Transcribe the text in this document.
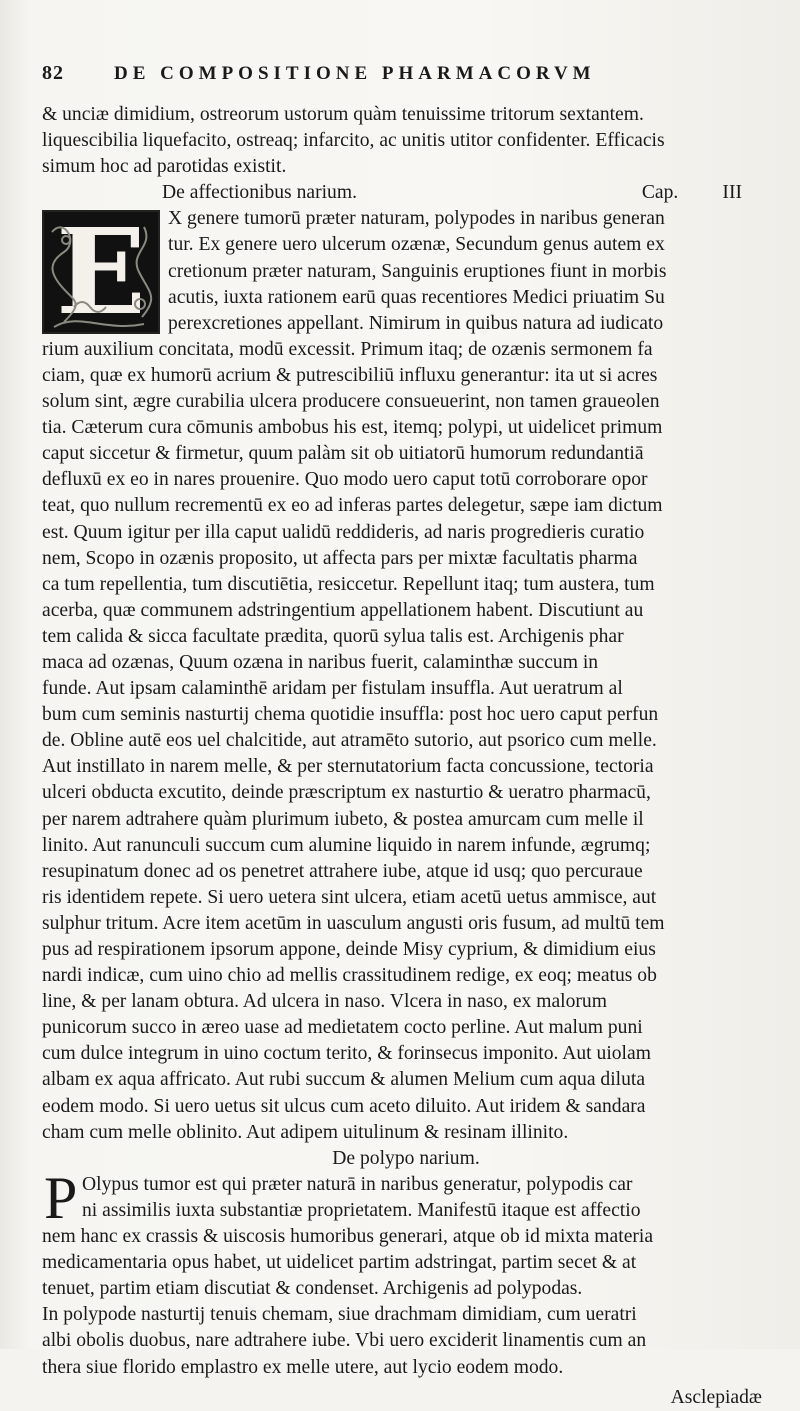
82	DE COMPOSITIONE PHARMACORVM

& unciæ dimidium, ostreorum ustorum quàm tenuissime tritorum sextantem.

liquescibilia liquefacito, ostreaq; infarcito, ac unitis utitor confidenter. Efficacis

simum hoc ad parotidas existit.

De affectionibus narium.	Cap. III
E	X genere tumorū præter naturam, polypodes in naribus generan

tur. Ex genere uero ulcerum ozænæ, Secundum genus autem ex

cretionum præter naturam, Sanguinis eruptiones fiunt in morbis

acutis, iuxta rationem earū quas recentiores Medici priuatim Su

perexcretiones appellant. Nimirum in quibus natura ad iudicato

rium auxilium concitata, modū excessit. Primum itaq; de ozænis sermonem fa

ciam, quæ ex humorū acrium & putrescibiliū influxu generantur: ita ut si acres

solum sint, ægre curabilia ulcera producere consueuerint, non tamen graueolen

tia. Cæterum cura cōmunis ambobus his est, itemq; polypi, ut uidelicet primum

caput siccetur & firmetur, quum palàm sit ob uitiatorū humorum redundantiā

defluxū ex eo in nares prouenire. Quo modo uero caput totū corroborare opor

teat, quo nullum recrementū ex eo ad inferas partes delegetur, sæpe iam dictum

est. Quum igitur per illa caput ualidū reddideris, ad naris progredieris curatio

nem, Scopo in ozænis proposito, ut affecta pars per mixtæ facultatis pharma

ca tum repellentia, tum discutiētia, resiccetur. Repellunt itaq; tum austera, tum

acerba, quæ communem adstringentium appellationem habent. Discutiunt au

tem calida & sicca facultate prædita, quorū sylua talis est. Archigenis phar

maca ad ozænas, Quum ozæna in naribus fuerit, calaminthæ succum in

funde. Aut ipsam calaminthē aridam per fistulam insuffla. Aut ueratrum al

bum cum seminis nasturtij chema quotidie insuffla: post hoc uero caput perfun

de. Obline autē eos uel chalcitide, aut atramēto sutorio, aut psorico cum melle.

Aut instillato in narem melle, & per sternutatorium facta concussione, tectoria

ulceri obducta excutito, deinde præscriptum ex nasturtio & ueratro pharmacū,

per narem adtrahere quàm plurimum iubeto, & postea amurcam cum melle il

linito. Aut ranunculi succum cum alumine liquido in narem infunde, ægrumq;

resupinatum donec ad os penetret attrahere iube, atque id usq; quo percuraue

ris identidem repete. Si uero uetera sint ulcera, etiam acetū uetus ammisce, aut

sulphur tritum. Acre item acetūm in uasculum angusti oris fusum, ad multū tem

pus ad respirationem ipsorum appone, deinde Misy cyprium, & dimidium eius

nardi indicæ, cum uino chio ad mellis crassitudinem redige, ex eoq; meatus ob

line, & per lanam obtura. Ad ulcera in naso. Vlcera in naso, ex malorum

punicorum succo in æreo uase ad medietatem cocto perline. Aut malum puni

cum dulce integrum in uino coctum terito, & forinsecus imponito. Aut uiolam

albam ex aqua affricato. Aut rubi succum & alumen Melium cum aqua diluta

eodem modo. Si uero uetus sit ulcus cum aceto diluito. Aut iridem & sandara

cham cum melle oblinito. Aut adipem uitulinum & resinam illinito.

De polypo narium.

P Olypus tumor est qui præter naturā in naribus generatur, polypodis car

ni assimilis iuxta substantiæ proprietatem. Manifestū itaque est affectio

nem hanc ex crassis & uiscosis humoribus generari, atque ob id mixta materia

medicamentaria opus habet, ut uidelicet partim adstringat, partim secet & at

tenuet, partim etiam discutiat & condenset. Archigenis ad polypodas.

In polypode nasturtij tenuis chemam, siue drachmam dimidiam, cum ueratri

albi obolis duobus, nare adtrahere iube. Vbi uero exciderit linamentis cum an

thera siue florido emplastro ex melle utere, aut lycio eodem modo.

Asclepiadæ
